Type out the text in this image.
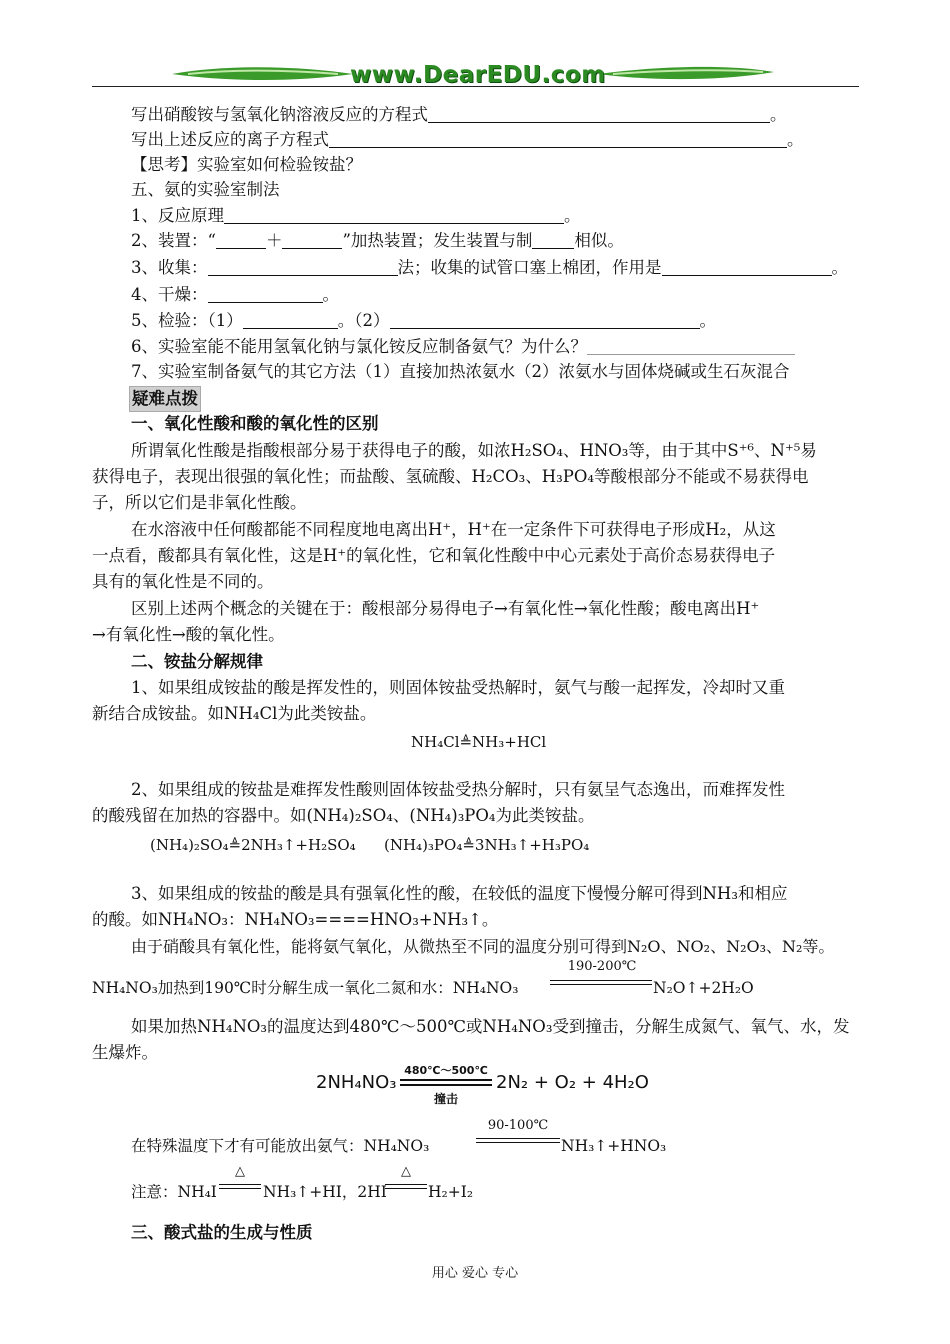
www.DearEDU.com
写出硝酸铵与氢氧化钠溶液反应的方程式	。
写出上述反应的离子方程式	。
【思考】实验室如何检验铵盐？
五、氨的实验室制法
1、反应原理	。
2、装置：“	＋	”加热装置；发生装置与制	相似。
3、收集：	法；收集的试管口塞上棉团，作用是	。
4、干燥：	。
5、检验：（1）	。（2）	。
6、实验室能不能用氢氧化钠与氯化铵反应制备氨气？为什么？
7、实验室制备氨气的其它方法（1）直接加热浓氨水（2）浓氨水与固体烧碱或生石灰混合
疑难点拨
一、氧化性酸和酸的氧化性的区别
所谓氧化性酸是指酸根部分易于获得电子的酸，如浓H₂SO₄、HNO₃等，由于其中S⁺⁶、N⁺⁵易
获得电子，表现出很强的氧化性；而盐酸、氢硫酸、H₂CO₃、H₃PO₄等酸根部分不能或不易获得电
子，所以它们是非氧化性酸。
在水溶液中任何酸都能不同程度地电离出H⁺，H⁺在一定条件下可获得电子形成H₂，从这
一点看，酸都具有氧化性，这是H⁺的氧化性，它和氧化性酸中中心元素处于高价态易获得电子
具有的氧化性是不同的。
区别上述两个概念的关键在于：酸根部分易得电子→有氧化性→氧化性酸；酸电离出H⁺
→有氧化性→酸的氧化性。
二、铵盐分解规律
1、如果组成铵盐的酸是挥发性的，则固体铵盐受热解时，氨气与酸一起挥发，冷却时又重
新结合成铵盐。如NH₄Cl为此类铵盐。
NH₄Cl≜NH₃+HCl
2、如果组成的铵盐是难挥发性酸则固体铵盐受热分解时，只有氨呈气态逸出，而难挥发性
的酸残留在加热的容器中。如(NH₄)₂SO₄、(NH₄)₃PO₄为此类铵盐。
(NH₄)₂SO₄≜2NH₃↑+H₂SO₄ (NH₄)₃PO₄≜3NH₃↑+H₃PO₄
3、如果组成的铵盐的酸是具有强氧化性的酸，在较低的温度下慢慢分解可得到NH₃和相应
的酸。如NH₄NO₃：NH₄NO₃====HNO₃+NH₃↑。
由于硝酸具有氧化性，能将氨气氧化，从微热至不同的温度分别可得到N₂O、NO₂、N₂O₃、N₂等。
NH₄NO₃加热到190℃时分解生成一氧化二氮和水：NH₄NO₃
190-200℃
N₂O↑+2H₂O
如果加热NH₄NO₃的温度达到480℃～500℃或NH₄NO₃受到撞击，分解生成氮气、氧气、水，发
生爆炸。
2NH₄NO₃
480℃～500℃
撞击
2N₂ + O₂ + 4H₂O
在特殊温度下才有可能放出氨气：NH₄NO₃
90-100℃
NH₃↑+HNO₃
注意：NH₄I
△
NH₃↑+HI，2HI
△
H₂+I₂
三、酸式盐的生成与性质
用心 爱心 专心
